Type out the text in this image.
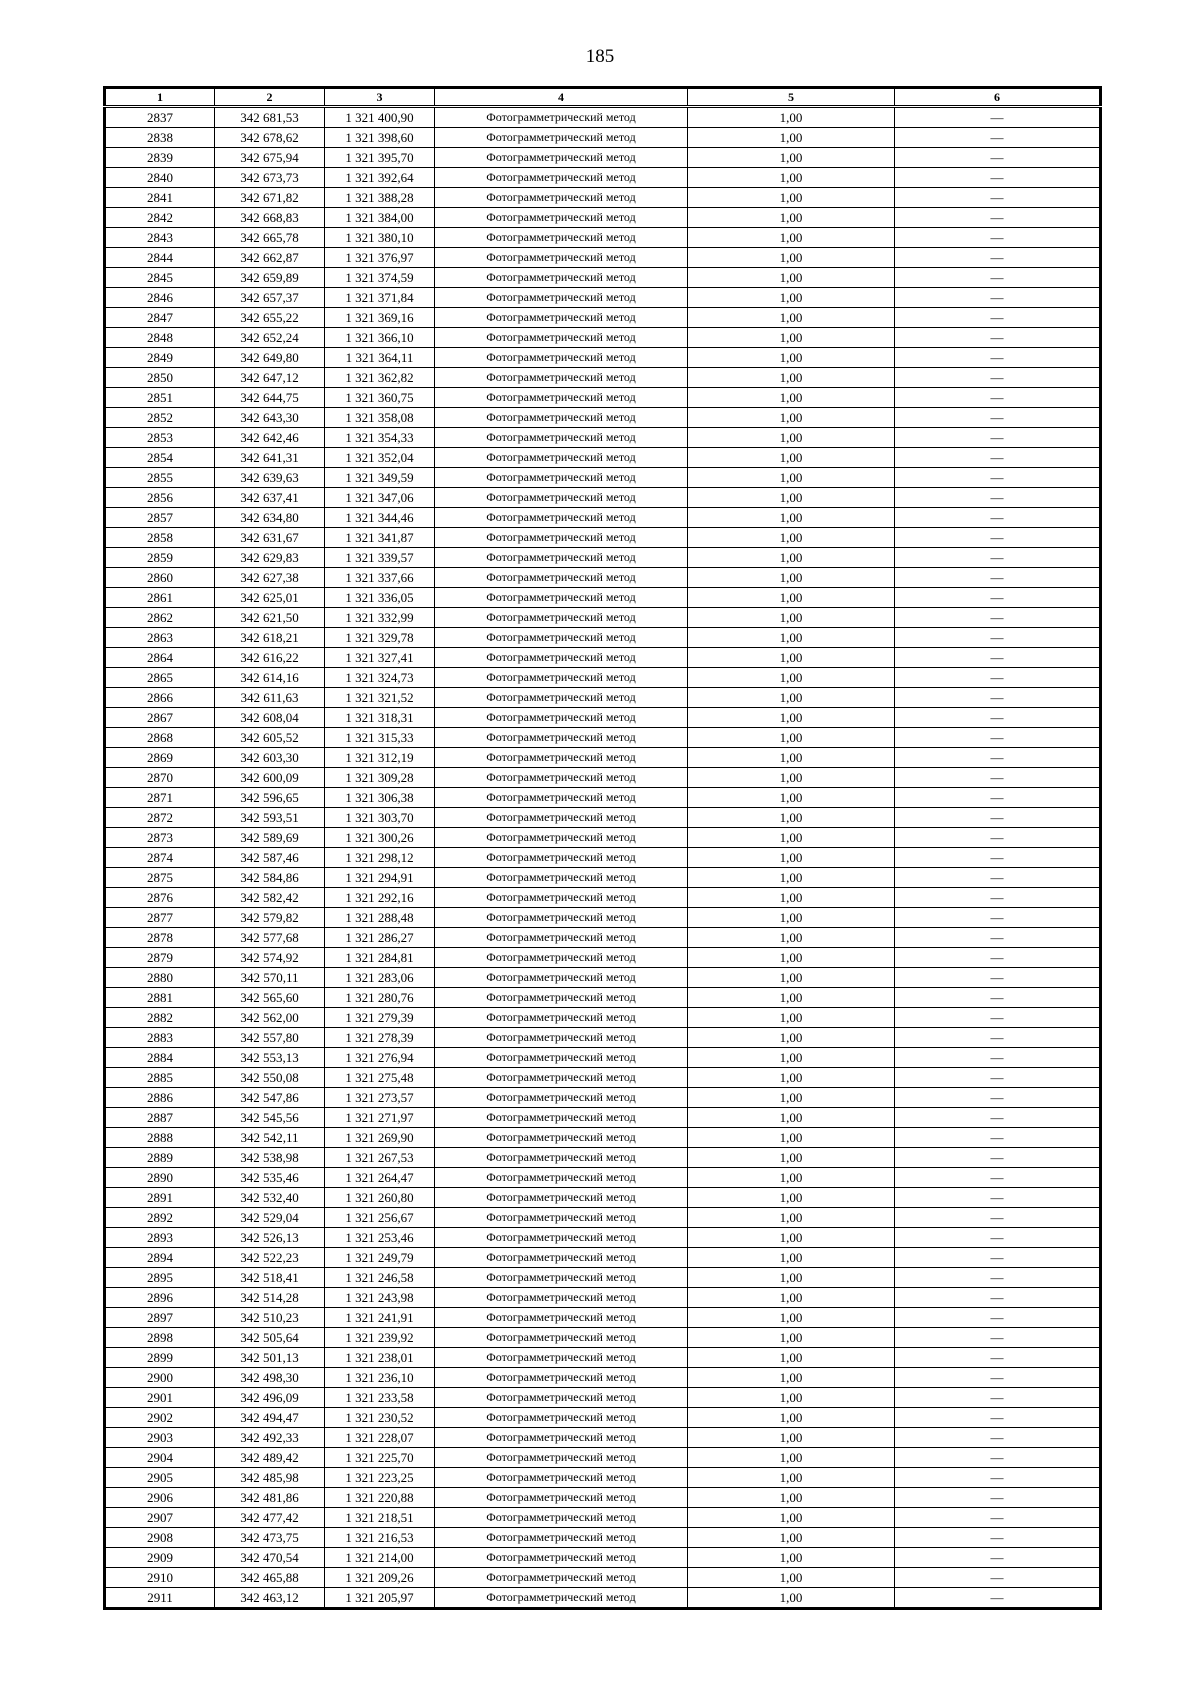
185
1	2	3	4	5	6
2837	342 681,53	1 321 400,90	Фотограмметрический метод	1,00	—
2838	342 678,62	1 321 398,60	Фотограмметрический метод	1,00	—
2839	342 675,94	1 321 395,70	Фотограмметрический метод	1,00	—
2840	342 673,73	1 321 392,64	Фотограмметрический метод	1,00	—
2841	342 671,82	1 321 388,28	Фотограмметрический метод	1,00	—
2842	342 668,83	1 321 384,00	Фотограмметрический метод	1,00	—
2843	342 665,78	1 321 380,10	Фотограмметрический метод	1,00	—
2844	342 662,87	1 321 376,97	Фотограмметрический метод	1,00	—
2845	342 659,89	1 321 374,59	Фотограмметрический метод	1,00	—
2846	342 657,37	1 321 371,84	Фотограмметрический метод	1,00	—
2847	342 655,22	1 321 369,16	Фотограмметрический метод	1,00	—
2848	342 652,24	1 321 366,10	Фотограмметрический метод	1,00	—
2849	342 649,80	1 321 364,11	Фотограмметрический метод	1,00	—
2850	342 647,12	1 321 362,82	Фотограмметрический метод	1,00	—
2851	342 644,75	1 321 360,75	Фотограмметрический метод	1,00	—
2852	342 643,30	1 321 358,08	Фотограмметрический метод	1,00	—
2853	342 642,46	1 321 354,33	Фотограмметрический метод	1,00	—
2854	342 641,31	1 321 352,04	Фотограмметрический метод	1,00	—
2855	342 639,63	1 321 349,59	Фотограмметрический метод	1,00	—
2856	342 637,41	1 321 347,06	Фотограмметрический метод	1,00	—
2857	342 634,80	1 321 344,46	Фотограмметрический метод	1,00	—
2858	342 631,67	1 321 341,87	Фотограмметрический метод	1,00	—
2859	342 629,83	1 321 339,57	Фотограмметрический метод	1,00	—
2860	342 627,38	1 321 337,66	Фотограмметрический метод	1,00	—
2861	342 625,01	1 321 336,05	Фотограмметрический метод	1,00	—
2862	342 621,50	1 321 332,99	Фотограмметрический метод	1,00	—
2863	342 618,21	1 321 329,78	Фотограмметрический метод	1,00	—
2864	342 616,22	1 321 327,41	Фотограмметрический метод	1,00	—
2865	342 614,16	1 321 324,73	Фотограмметрический метод	1,00	—
2866	342 611,63	1 321 321,52	Фотограмметрический метод	1,00	—
2867	342 608,04	1 321 318,31	Фотограмметрический метод	1,00	—
2868	342 605,52	1 321 315,33	Фотограмметрический метод	1,00	—
2869	342 603,30	1 321 312,19	Фотограмметрический метод	1,00	—
2870	342 600,09	1 321 309,28	Фотограмметрический метод	1,00	—
2871	342 596,65	1 321 306,38	Фотограмметрический метод	1,00	—
2872	342 593,51	1 321 303,70	Фотограмметрический метод	1,00	—
2873	342 589,69	1 321 300,26	Фотограмметрический метод	1,00	—
2874	342 587,46	1 321 298,12	Фотограмметрический метод	1,00	—
2875	342 584,86	1 321 294,91	Фотограмметрический метод	1,00	—
2876	342 582,42	1 321 292,16	Фотограмметрический метод	1,00	—
2877	342 579,82	1 321 288,48	Фотограмметрический метод	1,00	—
2878	342 577,68	1 321 286,27	Фотограмметрический метод	1,00	—
2879	342 574,92	1 321 284,81	Фотограмметрический метод	1,00	—
2880	342 570,11	1 321 283,06	Фотограмметрический метод	1,00	—
2881	342 565,60	1 321 280,76	Фотограмметрический метод	1,00	—
2882	342 562,00	1 321 279,39	Фотограмметрический метод	1,00	—
2883	342 557,80	1 321 278,39	Фотограмметрический метод	1,00	—
2884	342 553,13	1 321 276,94	Фотограмметрический метод	1,00	—
2885	342 550,08	1 321 275,48	Фотограмметрический метод	1,00	—
2886	342 547,86	1 321 273,57	Фотограмметрический метод	1,00	—
2887	342 545,56	1 321 271,97	Фотограмметрический метод	1,00	—
2888	342 542,11	1 321 269,90	Фотограмметрический метод	1,00	—
2889	342 538,98	1 321 267,53	Фотограмметрический метод	1,00	—
2890	342 535,46	1 321 264,47	Фотограмметрический метод	1,00	—
2891	342 532,40	1 321 260,80	Фотограмметрический метод	1,00	—
2892	342 529,04	1 321 256,67	Фотограмметрический метод	1,00	—
2893	342 526,13	1 321 253,46	Фотограмметрический метод	1,00	—
2894	342 522,23	1 321 249,79	Фотограмметрический метод	1,00	—
2895	342 518,41	1 321 246,58	Фотограмметрический метод	1,00	—
2896	342 514,28	1 321 243,98	Фотограмметрический метод	1,00	—
2897	342 510,23	1 321 241,91	Фотограмметрический метод	1,00	—
2898	342 505,64	1 321 239,92	Фотограмметрический метод	1,00	—
2899	342 501,13	1 321 238,01	Фотограмметрический метод	1,00	—
2900	342 498,30	1 321 236,10	Фотограмметрический метод	1,00	—
2901	342 496,09	1 321 233,58	Фотограмметрический метод	1,00	—
2902	342 494,47	1 321 230,52	Фотограмметрический метод	1,00	—
2903	342 492,33	1 321 228,07	Фотограмметрический метод	1,00	—
2904	342 489,42	1 321 225,70	Фотограмметрический метод	1,00	—
2905	342 485,98	1 321 223,25	Фотограмметрический метод	1,00	—
2906	342 481,86	1 321 220,88	Фотограмметрический метод	1,00	—
2907	342 477,42	1 321 218,51	Фотограмметрический метод	1,00	—
2908	342 473,75	1 321 216,53	Фотограмметрический метод	1,00	—
2909	342 470,54	1 321 214,00	Фотограмметрический метод	1,00	—
2910	342 465,88	1 321 209,26	Фотограмметрический метод	1,00	—
2911	342 463,12	1 321 205,97	Фотограмметрический метод	1,00	—
